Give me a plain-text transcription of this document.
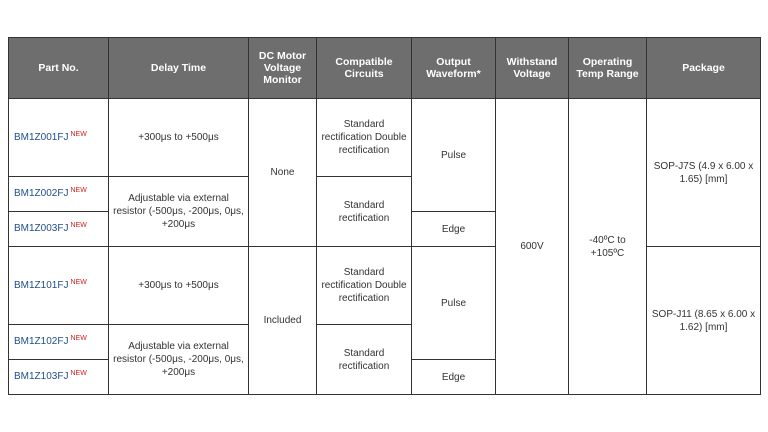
Part No.	Delay Time	DC Motor Voltage Monitor	Compatible Circuits	Output Waveform*	Withstand Voltage	Operating Temp Range	Package
BM1Z001FJ $^{NEW}$	+300μs to +500μs	None	Standard rectification Double rectification	Pulse	600V	-40ºC to +105ºC	SOP-J7S (4.9 x 6.00 x 1.65) [mm]
BM1Z002FJ $^{NEW}$	Adjustable via external resistor (-500μs, -200μs, 0μs, +200μs		Standard rectification				
BM1Z003FJ $^{NEW}$				Edge			
BM1Z101FJ $^{NEW}$	+300μs to +500μs	Included	Standard rectification Double rectification	Pulse			SOP-J11 (8.65 x 6.00 x 1.62) [mm]
BM1Z102FJ $^{NEW}$	Adjustable via external resistor (-500μs, -200μs, 0μs, +200μs		Standard rectification				
BM1Z103FJ $^{NEW}$				Edge			
